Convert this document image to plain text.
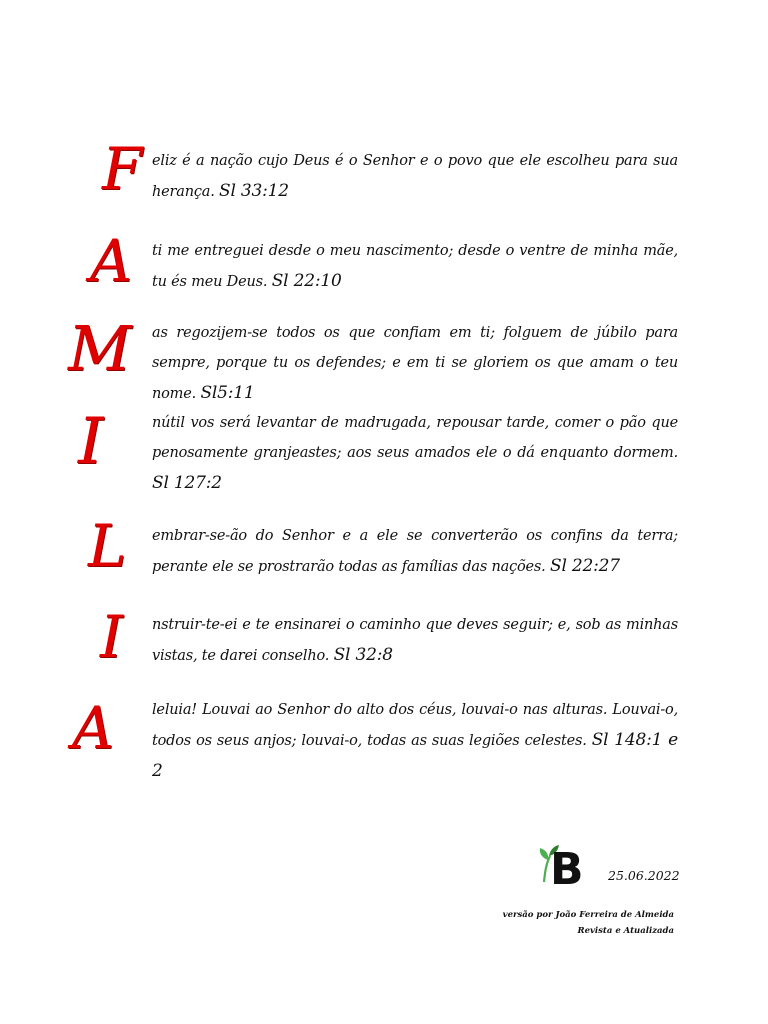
F eliz é a nação cujo Deus é o Senhor e o povo que ele escolheu para sua herança. Sl 33:12
A ti me entreguei desde o meu nascimento; desde o ventre de minha mãe, tu és meu Deus. Sl 22:10
M as regozijem-se todos os que confiam em ti; folguem de júbilo para sempre, porque tu os defendes; e em ti se gloriem os que amam o teu nome. Sl5:11
I	nútil vos será levantar de madrugada, repousar tarde, comer o pão que penosamente granjeastes; aos seus amados ele o dá enquanto dormem. Sl 127:2
L embrar-se-ão do Senhor e a ele se converterão os confins da terra; perante ele se prostrarão todas as famílias das nações. Sl 22:27
I nstruir-te-ei e te ensinarei o caminho que deves seguir; e, sob as minhas vistas, te darei conselho. Sl 32:8
A	leluia! Louvai ao Senhor do alto dos céus, louvai-o nas alturas. Louvai-o, todos os seus anjos; louvai-o, todas as suas legiões celestes. Sl 148:1 e 2
B 25.06.2022
versão por João Ferreira de Almeida
Revista e Atualizada
